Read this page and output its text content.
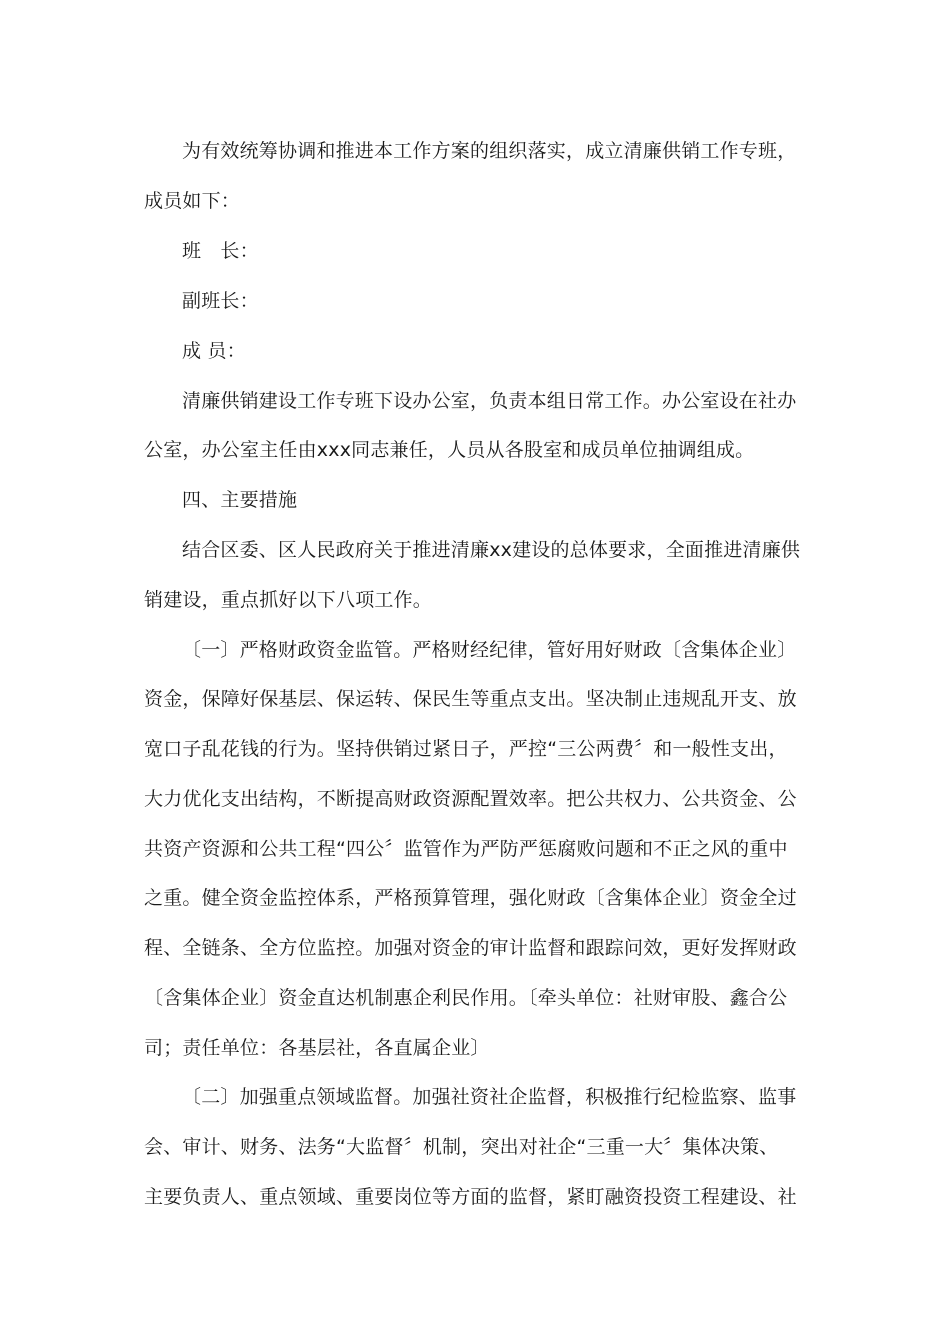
为有效统筹协调和推进本工作方案的组织落实，成立清廉供销工作专班，
成员如下：
班　长：
副班长：
成 员：
清廉供销建设工作专班下设办公室，负责本组日常工作。办公室设在社办
公室，办公室主任由xxx同志兼任，人员从各股室和成员单位抽调组成。
四、主要措施
结合区委、区人民政府关于推进清廉xx建设的总体要求，全面推进清廉供
销建设，重点抓好以下八项工作。
〔一〕严格财政资金监管。严格财经纪律，管好用好财政〔含集体企业〕
资金，保障好保基层、保运转、保民生等重点支出。坚决制止违规乱开支、放
宽口子乱花钱的行为。坚持供销过紧日子，严控“三公两费〞和一般性支出，
大力优化支出结构，不断提高财政资源配置效率。把公共权力、公共资金、公
共资产资源和公共工程“四公〞监管作为严防严惩腐败问题和不正之风的重中
之重。健全资金监控体系，严格预算管理，强化财政〔含集体企业〕资金全过
程、全链条、全方位监控。加强对资金的审计监督和跟踪问效，更好发挥财政
〔含集体企业〕资金直达机制惠企利民作用。〔牵头单位：社财审股、鑫合公
司；责任单位：各基层社，各直属企业〕
〔二〕加强重点领域监督。加强社资社企监督，积极推行纪检监察、监事
会、审计、财务、法务“大监督〞机制，突出对社企“三重一大〞集体决策、
主要负责人、重点领域、重要岗位等方面的监督，紧盯融资投资工程建设、社
